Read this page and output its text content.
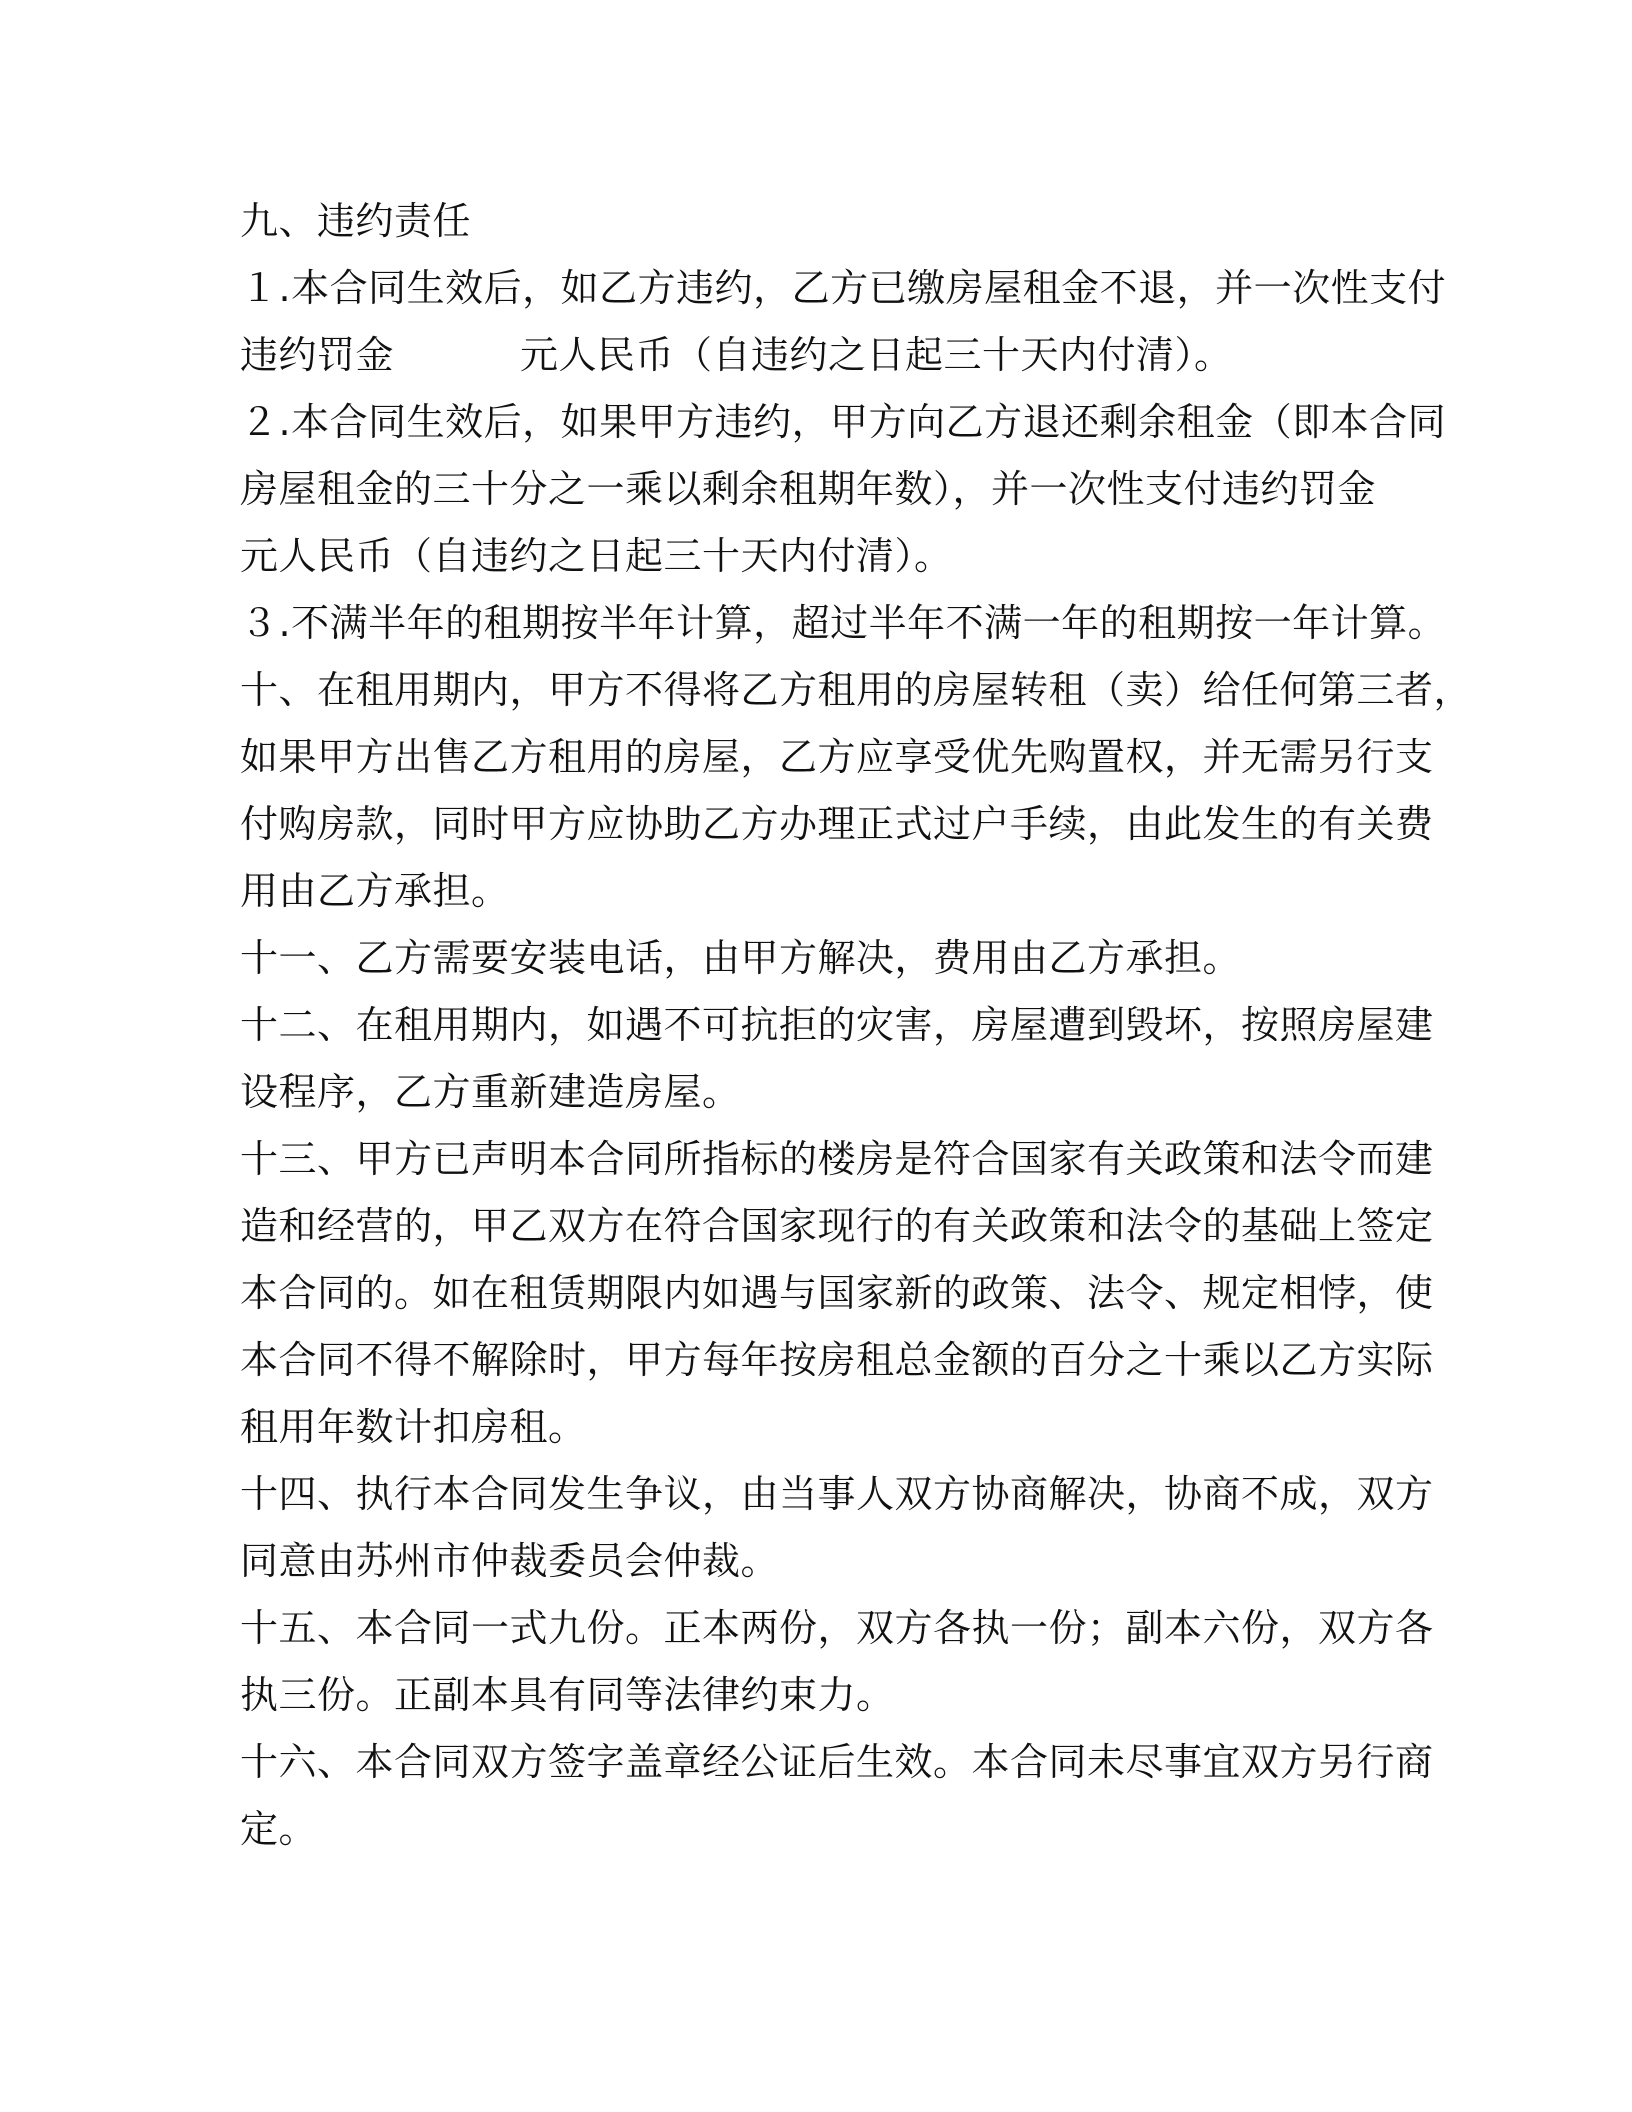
九、违约责任
１.本合同生效后，如乙方违约，乙方已缴房屋租金不退，并一次性支付
违约罚金	元人民币（自违约之日起三十天内付清）。
２.本合同生效后，如果甲方违约，甲方向乙方退还剩余租金（即本合同
房屋租金的三十分之一乘以剩余租期年数），并一次性支付违约罚金
元人民币（自违约之日起三十天内付清）。
３.不满半年的租期按半年计算，超过半年不满一年的租期按一年计算。
十、在租用期内，甲方不得将乙方租用的房屋转租（卖）给任何第三者，
如果甲方出售乙方租用的房屋，乙方应享受优先购置权，并无需另行支
付购房款，同时甲方应协助乙方办理正式过户手续，由此发生的有关费
用由乙方承担。
十一、乙方需要安装电话，由甲方解决，费用由乙方承担。
十二、在租用期内，如遇不可抗拒的灾害，房屋遭到毁坏，按照房屋建
设程序，乙方重新建造房屋。
十三、甲方已声明本合同所指标的楼房是符合国家有关政策和法令而建
造和经营的，甲乙双方在符合国家现行的有关政策和法令的基础上签定
本合同的。如在租赁期限内如遇与国家新的政策、法令、规定相悖，使
本合同不得不解除时，甲方每年按房租总金额的百分之十乘以乙方实际
租用年数计扣房租。
十四、执行本合同发生争议，由当事人双方协商解决，协商不成，双方
同意由苏州市仲裁委员会仲裁。
十五、本合同一式九份。正本两份，双方各执一份；副本六份，双方各
执三份。正副本具有同等法律约束力。
十六、本合同双方签字盖章经公证后生效。本合同未尽事宜双方另行商
定。
